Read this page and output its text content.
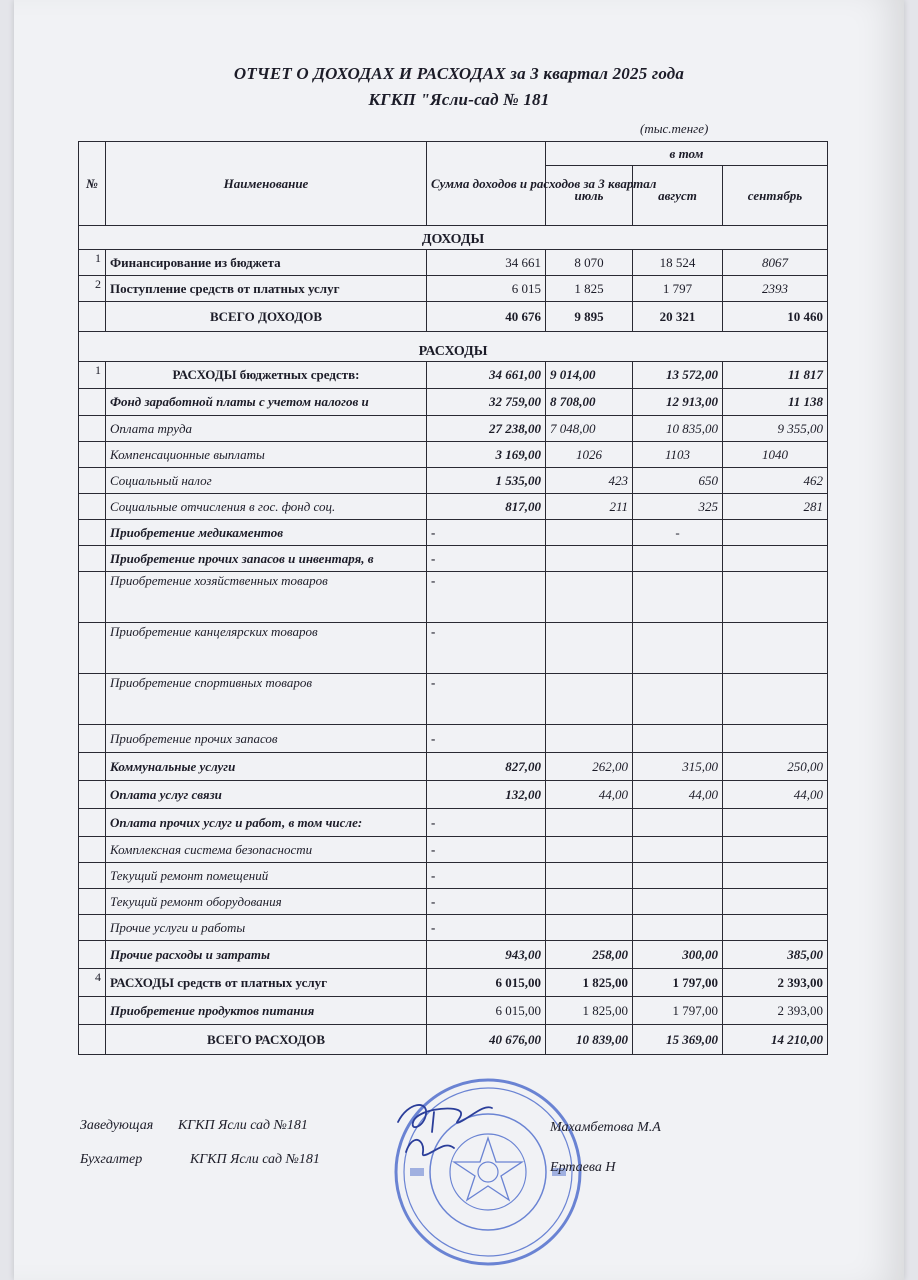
ОТЧЕТ О ДОХОДАХ И РАСХОДАХ за 3 квартал 2025 года
КГКП "Ясли-сад № 181
(тыс.тенге)
№	Наименование	Сумма доходов и расходов за 3 квартал	в том		
			июль	август	сентябрь
ДОХОДЫ					
1	Финансирование из бюджета	34 661	8 070	18 524	8067
2	Поступление средств от платных услуг	6 015	1 825	1 797	2393
	ВСЕГО ДОХОДОВ	40 676	9 895	20 321	10 460
РАСХОДЫ					
1	РАСХОДЫ бюджетных средств:	34 661,00	9 014,00	13 572,00	11 817
	Фонд заработной платы с учетом налогов и	32 759,00	8 708,00	12 913,00	11 138
	Оплата труда	27 238,00	7 048,00	10 835,00	9 355,00
	Компенсационные выплаты	3 169,00	1026	1103	1040
	Социальный налог	1 535,00	423	650	462
	Социальные отчисления в гос. фонд соц.	817,00	211	325	281
	Приобретение медикаментов	-		-	
	Приобретение прочих запасов и инвентаря, в	-			
	Приобретение хозяйственных товаров	-			
	Приобретение канцелярских товаров	-			
	Приобретение спортивных товаров	-			
	Приобретение прочих запасов	-			
	Коммунальные услуги	827,00	262,00	315,00	250,00
	Оплата услуг связи	132,00	44,00	44,00	44,00
	Оплата прочих услуг и работ, в том числе:	-			
	Комплексная система безопасности	-			
	Текущий ремонт помещений	-			
	Текущий ремонт оборудования	-			
	Прочие услуги и работы	-			
	Прочие расходы и затраты	943,00	258,00	300,00	385,00
4	РАСХОДЫ средств от платных услуг	6 015,00	1 825,00	1 797,00	2 393,00
	Приобретение продуктов питания	6 015,00	1 825,00	1 797,00	2 393,00
	ВСЕГО РАСХОДОВ	40 676,00	10 839,00	15 369,00	14 210,00
Заведующая КГКП Ясли сад №181	Махамбетова М.А
Бухгалтер	КГКП Ясли сад №181
Ертаева Н
